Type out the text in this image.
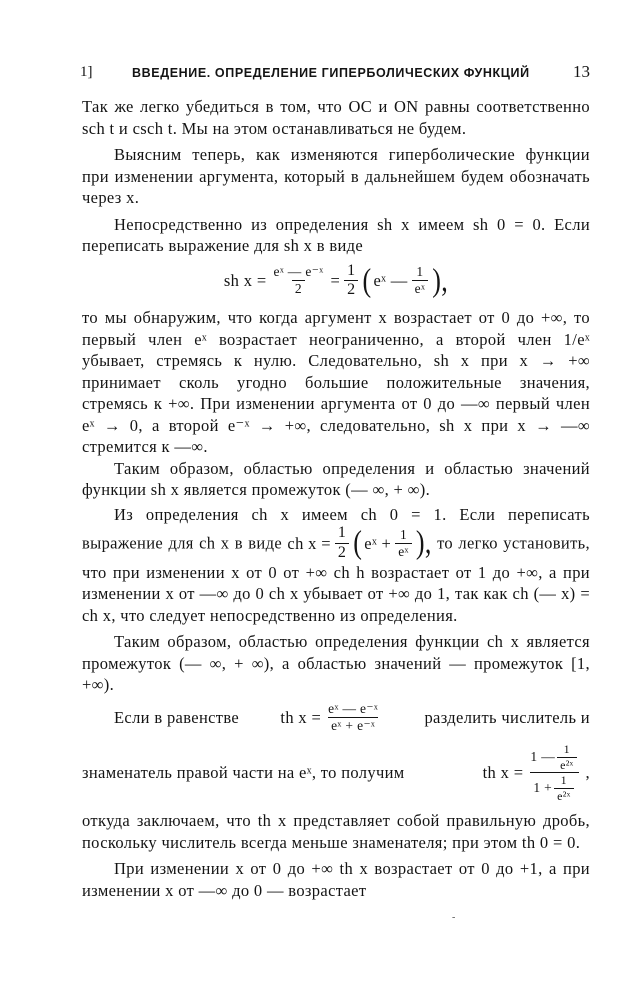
1]	ВВЕДЕНИЕ. ОПРЕДЕЛЕНИЕ ГИПЕРБОЛИЧЕСКИХ ФУНКЦИЙ	13

Так же легко убедиться в том, что OC и ON равны соответственно sch t и csch t. Мы на этом останавливаться не будем.

Выясним теперь, как изменяются гиперболические функции при изменении аргумента, который в дальнейшем будем обозначать через x.

Непосредственно из определения sh x имеем sh 0 = 0. Если переписать выражение для sh x в виде

sh $x = \frac{\text{eˣ — e⁻ˣ}}{2} = \frac{1}{2}$ ( eˣ — $\frac{1}{\text{eˣ}}$ ),

то мы обнаружим, что когда аргумент x возрастает от 0 до +∞, то первый член eˣ возрастает неограниченно, а второй член 1/eˣ убывает, стремясь к нулю. Следовательно, sh x при x → +∞ принимает сколь угодно большие положительные значения, стремясь к +∞. При изменении аргумента от 0 до —∞ первый член eˣ → 0, а второй e⁻ˣ → +∞, следовательно, sh x при x → —∞ стремится к —∞.

Таким образом, областью определения и областью значений функции sh x является промежуток (— ∞, + ∞).

Из определения ch x имеем ch 0 = 1. Если переписать выражение для ch x в виде ch $x = \frac{1}{2}$ ( eˣ + $\frac{1}{\text{eˣ}}$ ), то легко установить, что при изменении x от 0 от +∞ ch h возрастает от 1 до +∞, а при изменении x от —∞ до 0 ch x убывает от +∞ до 1, так как ch (— x) = ch x, что следует непосредственно из определения.

Таким образом, областью определения функции ch x является промежуток (— ∞, + ∞), а областью значений — промежуток [1, +∞).

Если в равенстве	th $x = \frac{\text{eˣ — e⁻ˣ}}{\text{eˣ + e⁻ˣ}}$	разделить числитель и
знаменатель правой части на eˣ, то получим	th $x = \frac{1 — \frac{1}{\text{e²ˣ}}}{1 + \frac{1}{\text{e²ˣ}}}$ ,

откуда заключаем, что th x представляет собой правильную дробь, поскольку числитель всегда меньше знаменателя; при этом th 0 = 0.

При изменении x от 0 до +∞ th x возрастает от 0 до +1, а при изменении x от —∞ до 0 — возрастает

-
